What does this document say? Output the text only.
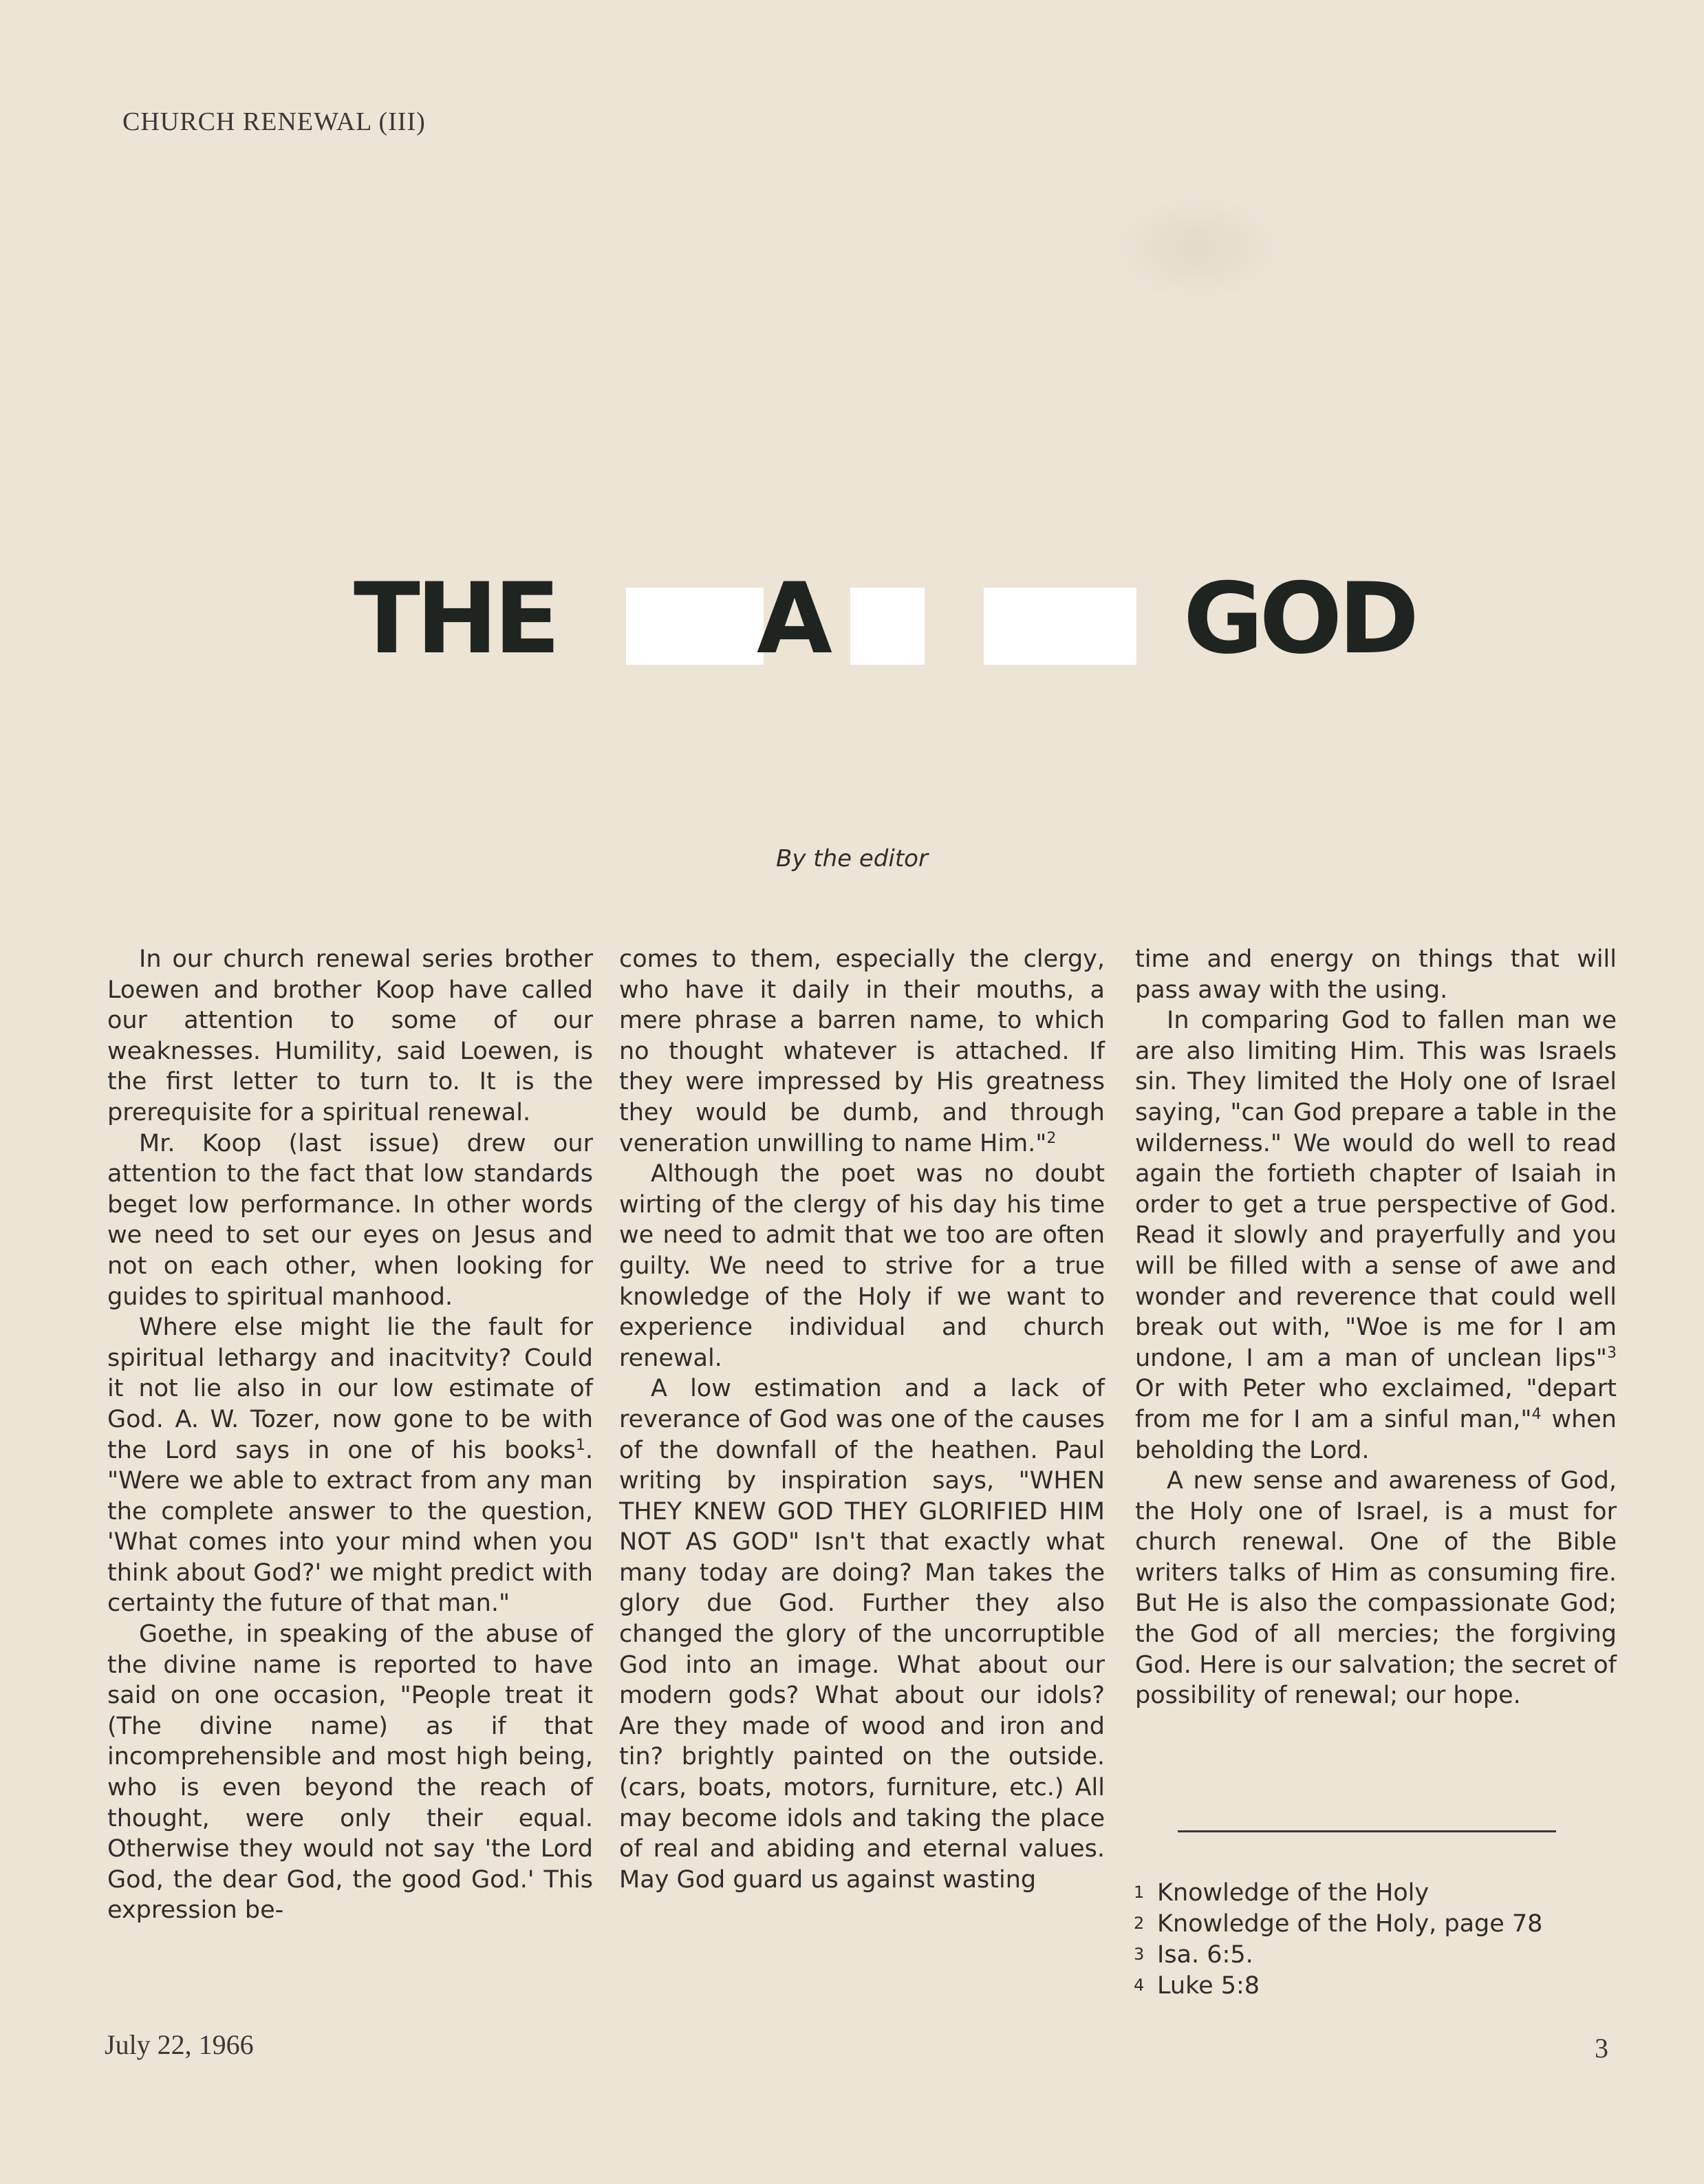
CHURCH RENEWAL (III)
THE A	GOD
By the editor

In our church renewal series brother Loewen and brother Koop have called our attention to some of our weaknesses. Humility, said Loewen, is the first letter to turn to. It is the prerequisite for a spiritual renewal.

Mr. Koop (last issue) drew our attention to the fact that low standards beget low performance. In other words we need to set our eyes on Jesus and not on each other, when looking for guides to spiritual manhood.

Where else might lie the fault for spiritual lethargy and inacitvity? Could it not lie also in our low estimate of God. A. W. Tozer, now gone to be with the Lord says in one of his books$^1$. "Were we able to extract from any man the complete answer to the question, 'What comes into your mind when you think about God?' we might predict with certainty the future of that man."

Goethe, in speaking of the abuse of the divine name is reported to have said on one occasion, "People treat it (The divine name) as if that incomprehensible and most high being, who is even beyond the reach of thought, were only their equal. Otherwise they would not say 'the Lord God, the dear God, the good God.' This expression be-

comes to them, especially the clergy, who have it daily in their mouths, a mere phrase a barren name, to which no thought whatever is attached. If they were impressed by His greatness they would be dumb, and through veneration unwilling to name Him."$^2$

Although the poet was no doubt wirting of the clergy of his day his time we need to admit that we too are often guilty. We need to strive for a true knowledge of the Holy if we want to experience individual and church renewal.

A low estimation and a lack of reverance of God was one of the causes of the downfall of the heathen. Paul writing by inspiration says, "WHEN THEY KNEW GOD THEY GLORIFIED HIM NOT AS GOD" Isn't that exactly what many today are doing? Man takes the glory due God. Further they also changed the glory of the uncorruptible God into an image. What about our modern gods? What about our idols? Are they made of wood and iron and tin? brightly painted on the outside. (cars, boats, motors, furniture, etc.) All may become idols and taking the place of real and abiding and eternal values. May God guard us against wasting

time and energy on things that will pass away with the using.

In comparing God to fallen man we are also limiting Him. This was Israels sin. They limited the Holy one of Israel saying, "can God prepare a table in the wilderness." We would do well to read again the fortieth chapter of Isaiah in order to get a true perspective of God. Read it slowly and prayerfully and you will be filled with a sense of awe and wonder and reverence that could well break out with, "Woe is me for I am undone, I am a man of unclean lips"$^3$ Or with Peter who exclaimed, "depart from me for I am a sinful man,"$^4$ when beholding the Lord.

A new sense and awareness of God, the Holy one of Israel, is a must for church renewal. One of the Bible writers talks of Him as consuming fire. But He is also the compassionate God; the God of all mercies; the forgiving God. Here is our salvation; the secret of possibility of renewal; our hope.

1 Knowledge of the Holy
2 Knowledge of the Holy, page 78
3 Isa. 6:5.
4 Luke 5:8
July 22, 1966	3
